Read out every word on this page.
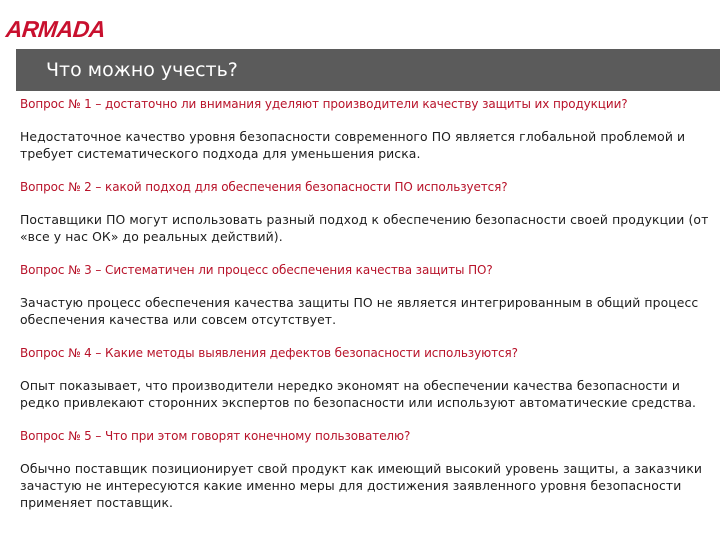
ARMADA
Что можно учесть?

Вопрос № 1 – достаточно ли внимания уделяют производители качеству защиты их продукции?

Недостаточное качество уровня безопасности современного ПО является глобальной проблемой и требует систематического подхода для уменьшения риска.

Вопрос № 2 – какой подход для обеспечения безопасности ПО используется?

Поставщики ПО могут использовать разный подход к обеспечению безопасности своей продукции (от «все у нас ОК» до реальных действий).

Вопрос № 3 – Систематичен ли процесс обеспечения качества защиты ПО?

Зачастую процесс обеспечения качества защиты ПО не является интегрированным в общий процесс обеспечения качества или совсем отсутствует.

Вопрос № 4 – Какие методы выявления дефектов безопасности используются?

Опыт показывает, что производители нередко экономят на обеспечении качества безопасности и редко привлекают сторонних экспертов по безопасности или используют автоматические средства.

Вопрос № 5 – Что при этом говорят конечному пользователю?

Обычно поставщик позиционирует свой продукт как имеющий высокий уровень защиты, а заказчики зачастую не интересуются какие именно меры для достижения заявленного уровня безопасности применяет поставщик.
